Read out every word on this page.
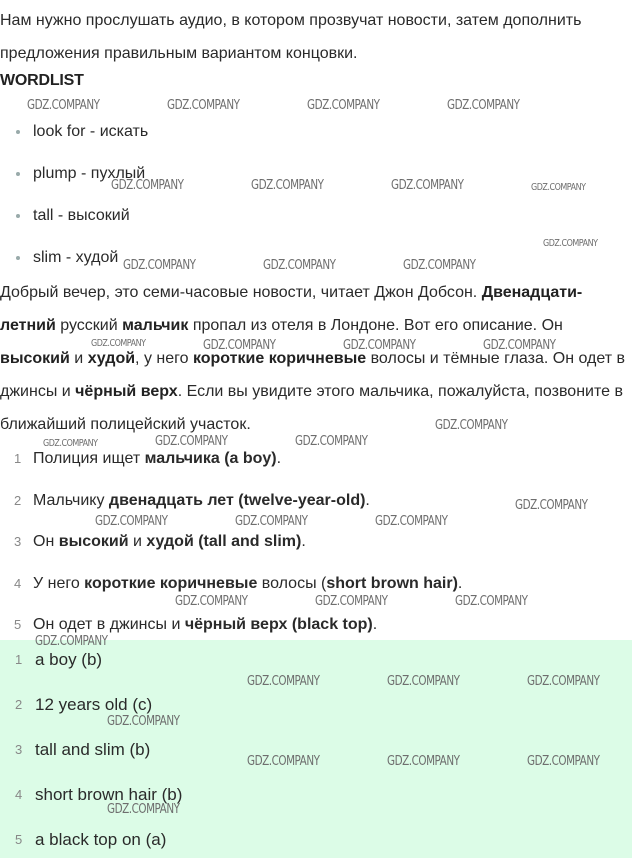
Нам нужно прослушать аудио, в котором прозвучат новости, затем дополнить предложения правильным вариантом концовки.

WORDLIST

look for - искать
plump - пухлый
tall - высокий
slim - худой

Добрый вечер, это семи-часовые новости, читает Джон Добсон. Двенадцати-летний русский мальчик пропал из отеля в Лондоне. Вот его описание. Он высокий и худой, у него короткие коричневые волосы и тёмные глаза. Он одет в джинсы и чёрный верх. Если вы увидите этого мальчика, пожалуйста, позвоните в ближайший полицейский участок.

1 Полиция ищет мальчика (a boy).
2 Мальчику двенадцать лет (twelve-year-old).
3 Он высокий и худой (tall and slim).
4 У него короткие коричневые волосы (short brown hair).
5 Он одет в джинсы и чёрный верх (black top).
1 a boy (b)
2 12 years old (c)
3 tall and slim (b)
4 short brown hair (b)
5 a black top on (a)
GDZ.COMPANY	GDZ.COMPANY	GDZ.COMPANY	GDZ.COMPANY
GDZ.COMPANY	GDZ.COMPANY	GDZ.COMPANY	GDZ.COMPANY
GDZ.COMPANY
GDZ.COMPANY	GDZ.COMPANY	GDZ.COMPANY
GDZ.COMPANY	GDZ.COMPANY	GDZ.COMPANY	GDZ.COMPANY
GDZ.COMPANY
GDZ.COMPANY	GDZ.COMPANY	GDZ.COMPANY
GDZ.COMPANY
GDZ.COMPANY	GDZ.COMPANY	GDZ.COMPANY
GDZ.COMPANY	GDZ.COMPANY	GDZ.COMPANY
GDZ.COMPANY
GDZ.COMPANY	GDZ.COMPANY	GDZ.COMPANY
GDZ.COMPANY
GDZ.COMPANY	GDZ.COMPANY	GDZ.COMPANY
GDZ.COMPANY
